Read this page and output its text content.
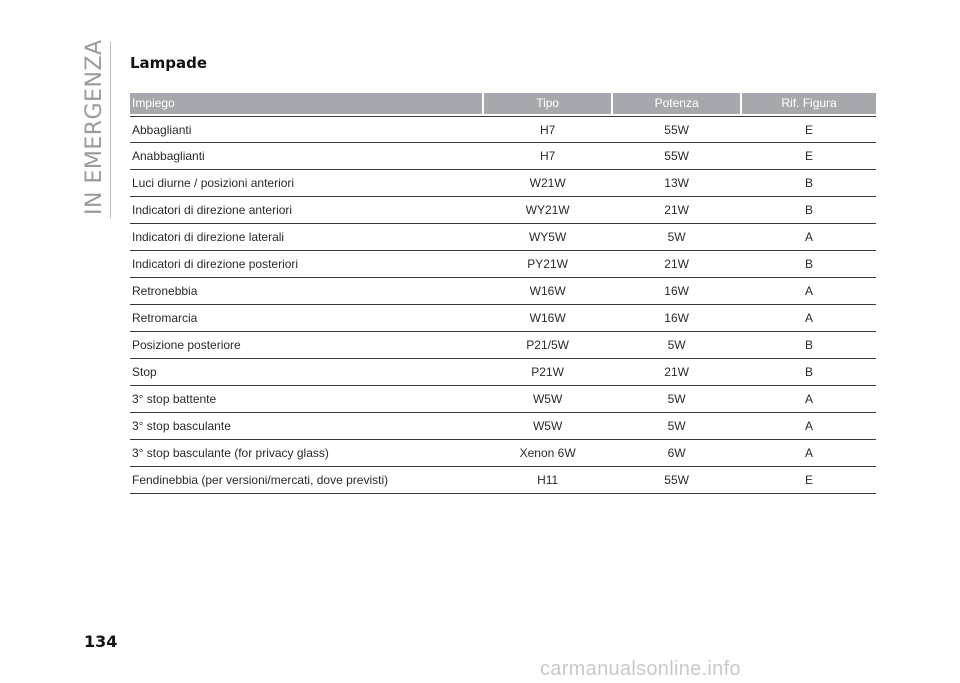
IN EMERGENZA Lampade
Impiego	Tipo	Potenza	Rif. Figura
Abbaglianti	H7	55W	E
Anabbaglianti	H7	55W	E
Luci diurne / posizioni anteriori	W21W	13W	B
Indicatori di direzione anteriori	WY21W	21W	B
Indicatori di direzione laterali	WY5W	5W	A
Indicatori di direzione posteriori	PY21W	21W	B
Retronebbia	W16W	16W	A
Retromarcia	W16W	16W	A
Posizione posteriore	P21/5W	5W	B
Stop	P21W	21W	B
3° stop battente	W5W	5W	A
3° stop basculante	W5W	5W	A
3° stop basculante (for privacy glass)	Xenon 6W	6W	A
Fendinebbia (per versioni/mercati, dove previsti)	H11	55W	E
134
carmanualsonline.info
